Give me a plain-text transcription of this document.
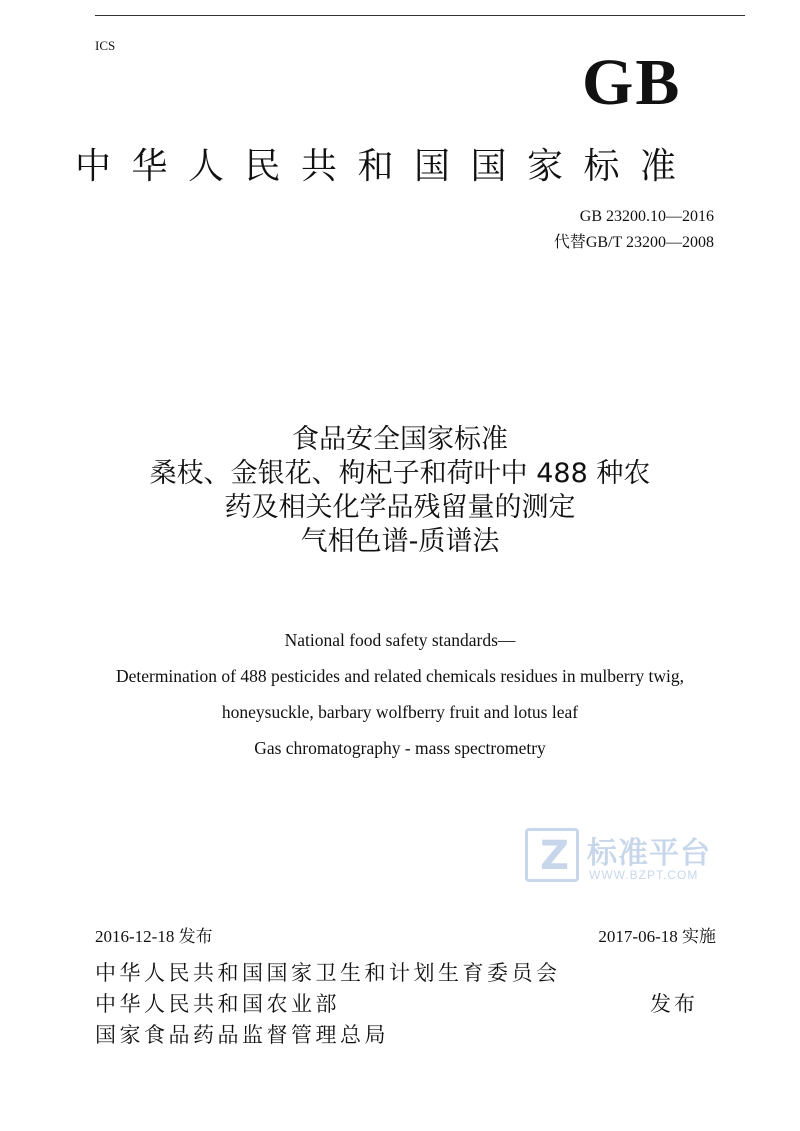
ICS
GB
中华人民共和国国家标准
GB 23200.10—2016
代替GB/T 23200—2008
食品安全国家标准
桑枝、金银花、枸杞子和荷叶中 488 种农
药及相关化学品残留量的测定
气相色谱-质谱法
National food safety standards—
Determination of 488 pesticides and related chemicals residues in mulberry twig,
honeysuckle, barbary wolfberry fruit and lotus leaf
Gas chromatography - mass spectrometry
Z 标准平台
WWW.BZPT.COM
2016-12-18 发布	2017-06-18 实施
中华人民共和国国家卫生和计划生育委员会
中华人民共和国农业部
国家食品药品监督管理总局
发布
